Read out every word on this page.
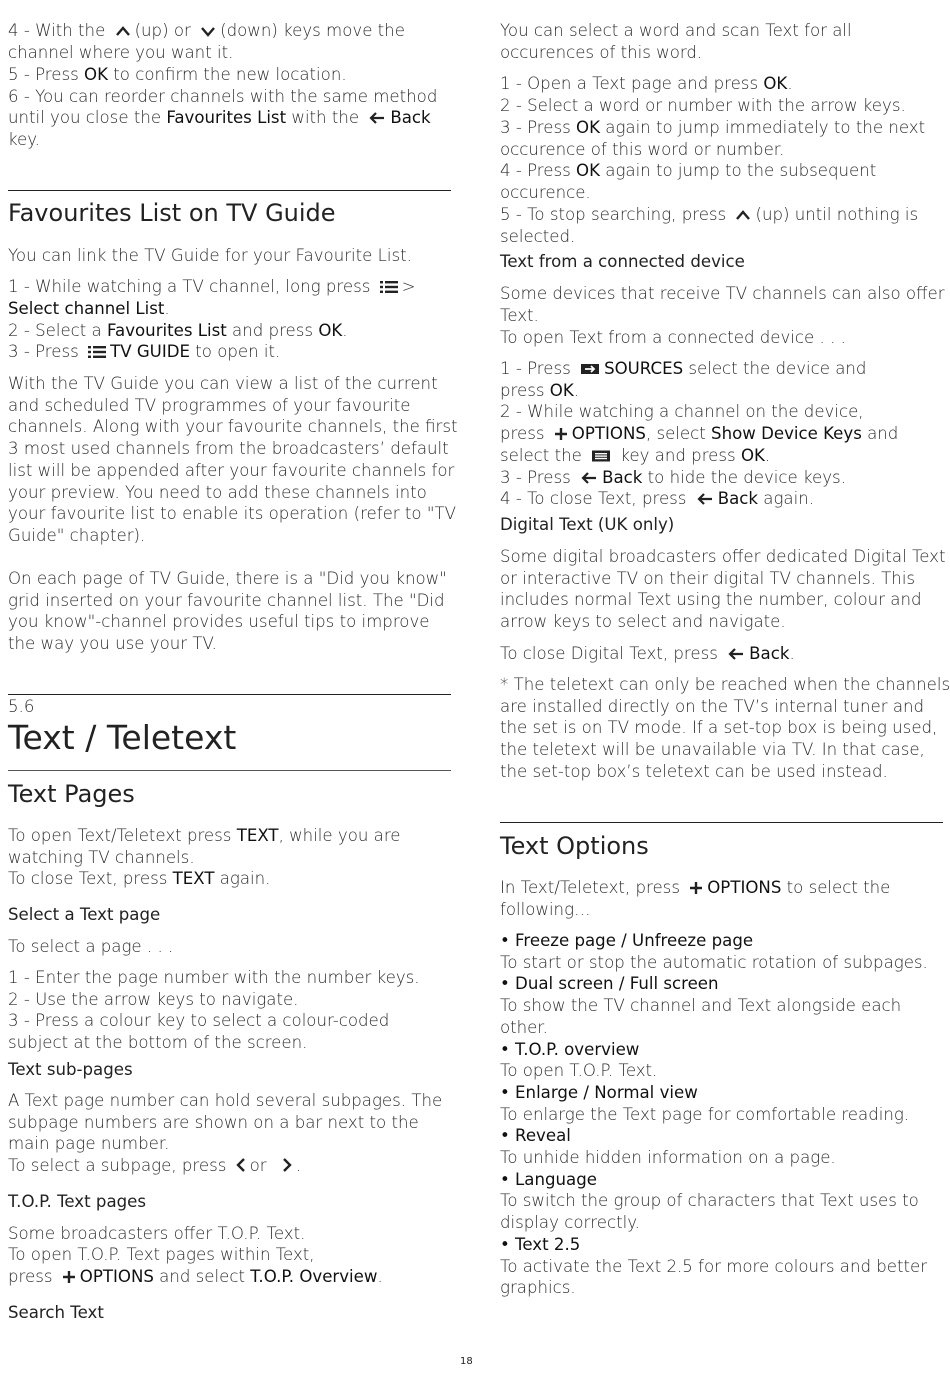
4 - With the (up) or (down) keys move the
channel where you want it.
5 - Press OK to confirm the new location.
6 - You can reorder channels with the same method
until you close the Favourites List with the Back
key.
Favourites List on TV Guide
You can link the TV Guide for your Favourite List.
1 - While watching a TV channel, long press >
Select channel List.
2 - Select a Favourites List and press OK.
3 - Press TV GUIDE to open it.
With the TV Guide you can view a list of the current
and scheduled TV programmes of your favourite
channels. Along with your favourite channels, the first
3 most used channels from the broadcasters’ default
list will be appended after your favourite channels for
your preview. You need to add these channels into
your favourite list to enable its operation (refer to "TV
Guide" chapter).
On each page of TV Guide, there is a "Did you know"
grid inserted on your favourite channel list. The "Did
you know"-channel provides useful tips to improve
the way you use your TV.
5.6
Text / Teletext
Text Pages
To open Text/Teletext press TEXT, while you are
watching TV channels.
To close Text, press TEXT again.
Select a Text page
To select a page . . .
1 - Enter the page number with the number keys.
2 - Use the arrow keys to navigate.
3 - Press a colour key to select a colour-coded
subject at the bottom of the screen.
Text sub-pages
A Text page number can hold several subpages. The
subpage numbers are shown on a bar next to the
main page number.
To select a subpage, press or .
T.O.P. Text pages
Some broadcasters offer T.O.P. Text.
To open T.O.P. Text pages within Text,
press OPTIONS and select T.O.P. Overview.
Search Text
You can select a word and scan Text for all
occurences of this word.
1 - Open a Text page and press OK.
2 - Select a word or number with the arrow keys.
3 - Press OK again to jump immediately to the next
occurence of this word or number.
4 - Press OK again to jump to the subsequent
occurence.
5 - To stop searching, press (up) until nothing is
selected.
Text from a connected device
Some devices that receive TV channels can also offer
Text.
To open Text from a connected device . . .
1 - Press SOURCES select the device and
press OK.
2 - While watching a channel on the device,
press OPTIONS, select Show Device Keys and
select the  key and press OK.
3 - Press Back to hide the device keys.
4 - To close Text, press Back again.
Digital Text (UK only)
Some digital broadcasters offer dedicated Digital Text
or interactive TV on their digital TV channels. This
includes normal Text using the number, colour and
arrow keys to select and navigate.
To close Digital Text, press Back.
* The teletext can only be reached when the channels
are installed directly on the TV’s internal tuner and
the set is on TV mode. If a set-top box is being used,
the teletext will be unavailable via TV. In that case,
the set-top box’s teletext can be used instead.
Text Options
In Text/Teletext, press OPTIONS to select the
following…
• Freeze page / Unfreeze page
To start or stop the automatic rotation of subpages.
• Dual screen / Full screen
To show the TV channel and Text alongside each
other.
• T.O.P. overview
To open T.O.P. Text.
• Enlarge / Normal view
To enlarge the Text page for comfortable reading.
• Reveal
To unhide hidden information on a page.
• Language
To switch the group of characters that Text uses to
display correctly.
• Text 2.5
To activate the Text 2.5 for more colours and better
graphics.
18
